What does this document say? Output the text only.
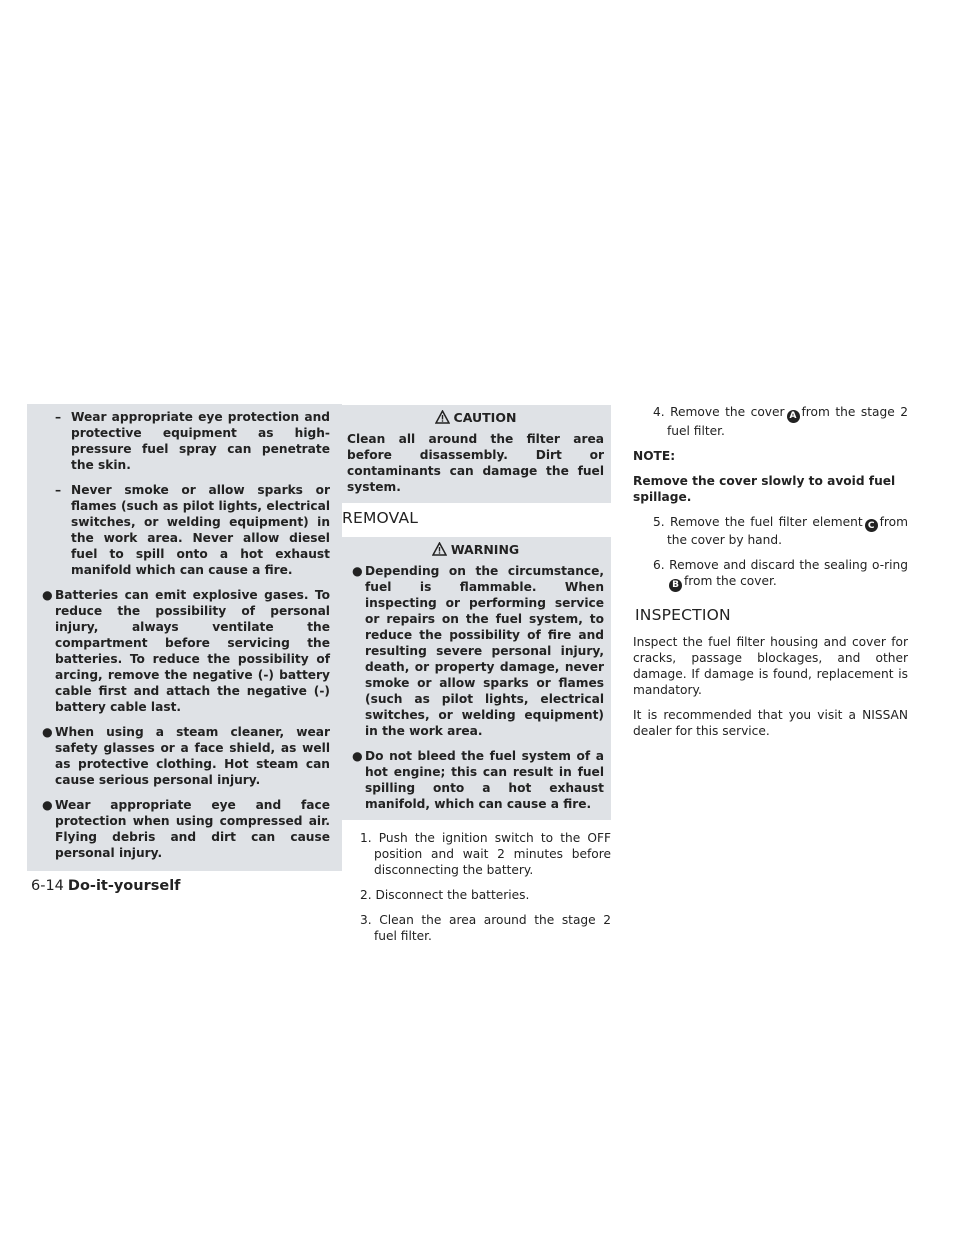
– Wear appropriate eye protection and protective equipment as high-pressure fuel spray can penetrate the skin.

– Never smoke or allow sparks or flames (such as pilot lights, electrical switches, or welding equipment) in the work area. Never allow diesel fuel to spill onto a hot exhaust manifold which can cause a fire.

● Batteries can emit explosive gases. To reduce the possibility of personal injury, always ventilate the compartment before servicing the batteries. To reduce the possibility of arcing, remove the negative (-) battery cable first and attach the negative (-) battery cable last.

● When using a steam cleaner, wear safety glasses or a face shield, as well as protective clothing. Hot steam can cause serious personal injury.

● Wear appropriate eye and face protection when using compressed air. Flying debris and dirt can cause personal injury.

CAUTION
Clean all around the filter area before disassembly. Dirt or contaminants can damage the fuel system.
REMOVAL
WARNING

● Depending on the circumstance, fuel is flammable. When inspecting or performing service or repairs on the fuel system, to reduce the possibility of fire and resulting severe personal injury, death, or property damage, never smoke or allow sparks or flames (such as pilot lights, electrical switches, or welding equipment) in the work area.

● Do not bleed the fuel system of a hot engine; this can result in fuel spilling onto a hot exhaust manifold, which can cause a fire.

1. Push the ignition switch to the OFF position and wait 2 minutes before disconnecting the battery.

2. Disconnect the batteries.

3. Clean the area around the stage 2 fuel filter.

4. Remove the cover A from the stage 2 fuel filter.

NOTE:

Remove the cover slowly to avoid fuel spillage.

5. Remove the fuel filter element C from the cover by hand.

6. Remove and discard the sealing o-ringB from the cover.

INSPECTION

Inspect the fuel filter housing and cover for cracks, passage blockages, and other damage. If damage is found, replacement is mandatory.

It is recommended that you visit a NISSAN dealer for this service.

6-14 Do-it-yourself
